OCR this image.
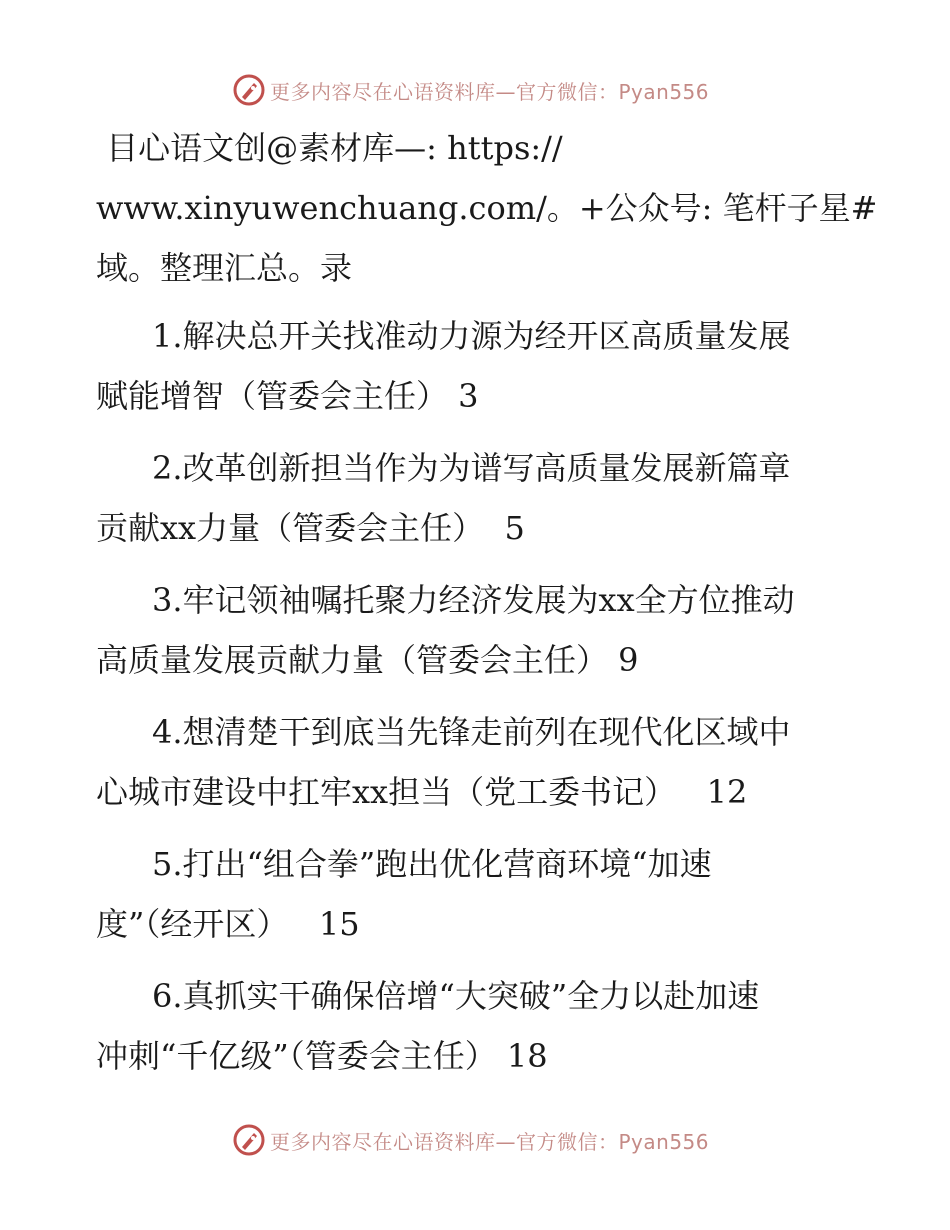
更多内容尽在心语资料库—官方微信：Pyan556
目心语文创@素材库—: https://
www.xinyuwenchuang.com/。+公众号: 笔杆子星#
域。整理汇总。录
1.解决总开关找准动力源为经开区高质量发展
赋能增智（管委会主任） 3
2.改革创新担当作为为谱写高质量发展新篇章
贡献xx力量（管委会主任）  5
3.牢记领袖嘱托聚力经济发展为xx全方位推动
高质量发展贡献力量（管委会主任） 9
4.想清楚干到底当先锋走前列在现代化区域中
心城市建设中扛牢xx担当（党工委书记）   12
5.打出“组合拳”跑出优化营商环境“加速
度”（经开区）   15
6.真抓实干确保倍增“大突破”全力以赴加速
冲刺“千亿级”（管委会主任） 18
更多内容尽在心语资料库—官方微信：Pyan556
